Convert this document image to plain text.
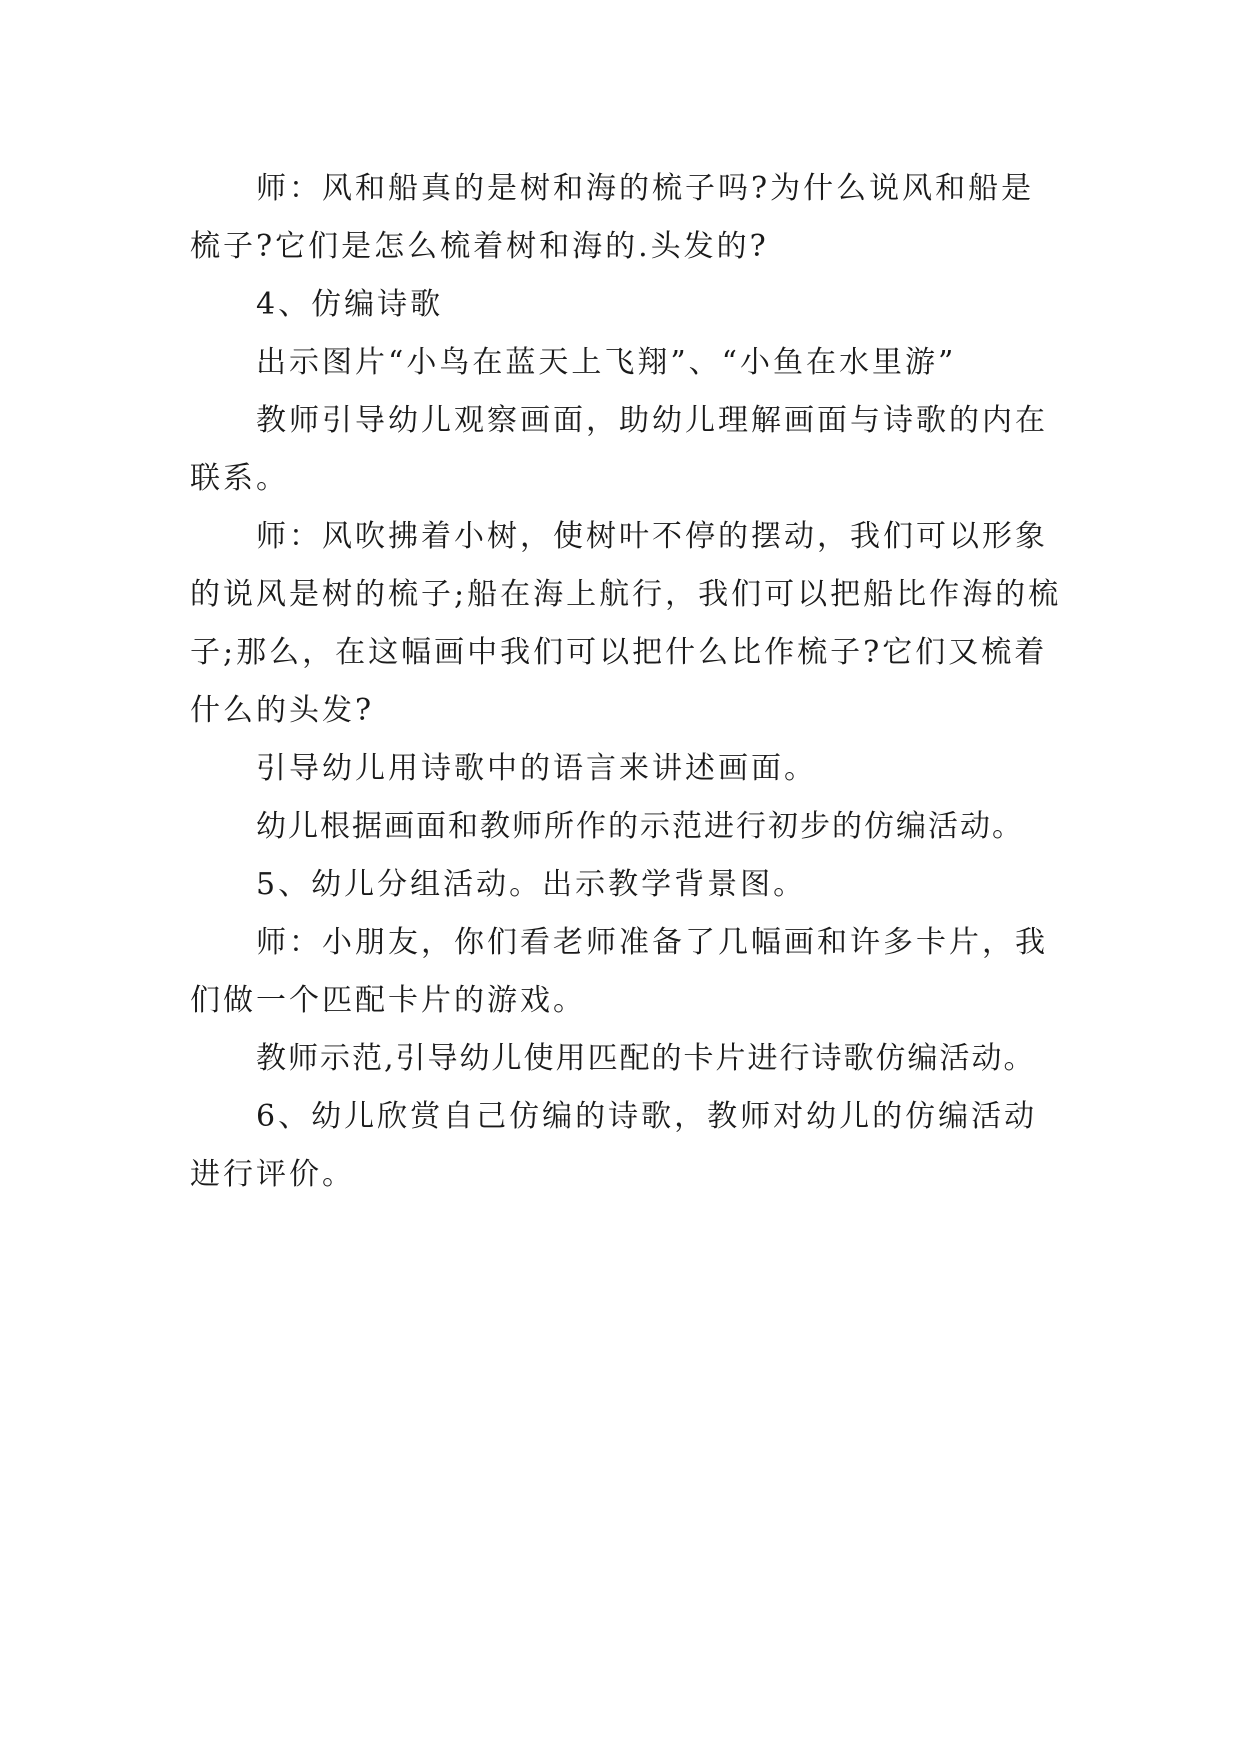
师：风和船真的是树和海的梳子吗?为什么说风和船是梳子?它们是怎么梳着树和海的.头发的?

4、仿编诗歌

出示图片“小鸟在蓝天上飞翔”、“小鱼在水里游”

教师引导幼儿观察画面，助幼儿理解画面与诗歌的内在联系。

师：风吹拂着小树，使树叶不停的摆动，我们可以形象的说风是树的梳子;船在海上航行，我们可以把船比作海的梳子;那么，在这幅画中我们可以把什么比作梳子?它们又梳着什么的头发?

引导幼儿用诗歌中的语言来讲述画面。

幼儿根据画面和教师所作的示范进行初步的仿编活动。

5、幼儿分组活动。出示教学背景图。

师：小朋友，你们看老师准备了几幅画和许多卡片，我们做一个匹配卡片的游戏。

教师示范,引导幼儿使用匹配的卡片进行诗歌仿编活动。

6、幼儿欣赏自己仿编的诗歌，教师对幼儿的仿编活动进行评价。
